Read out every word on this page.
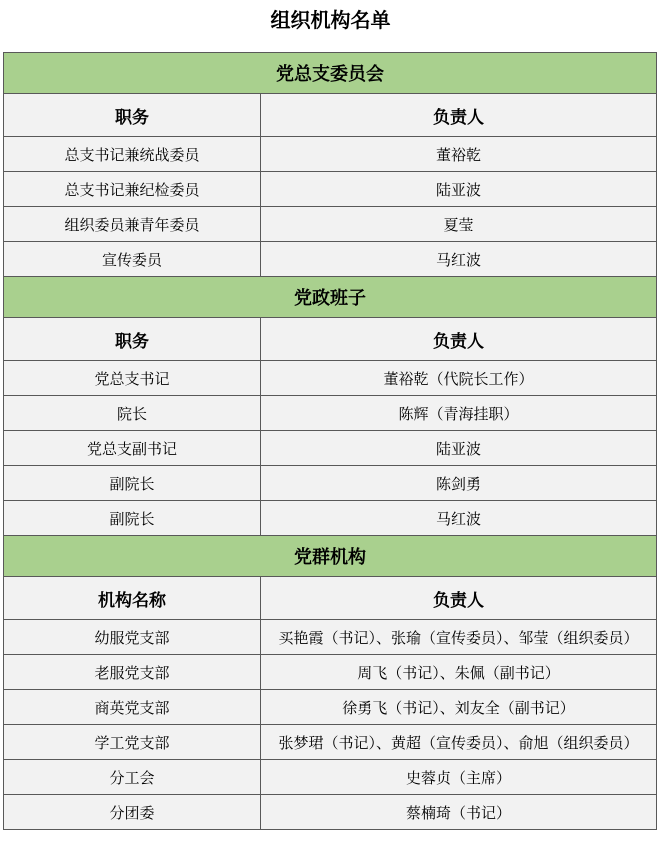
组织机构名单
党总支委员会	
职务	负责人
总支书记兼统战委员	董裕乾
总支书记兼纪检委员	陆亚波
组织委员兼青年委员	夏莹
宣传委员	马红波
党政班子	
职务	负责人
党总支书记	董裕乾（代院长工作）
院长	陈辉（青海挂职）
党总支副书记	陆亚波
副院长	陈剑勇
副院长	马红波
党群机构	
机构名称	负责人
幼服党支部	买艳霞（书记）、张瑜（宣传委员）、邹莹（组织委员）
老服党支部	周飞（书记）、朱佩（副书记）
商英党支部	徐勇飞（书记）、刘友全（副书记）
学工党支部	张梦珺（书记）、黄超（宣传委员）、俞旭（组织委员）
分工会	史蓉贞（主席）
分团委	蔡楠琦（书记）
